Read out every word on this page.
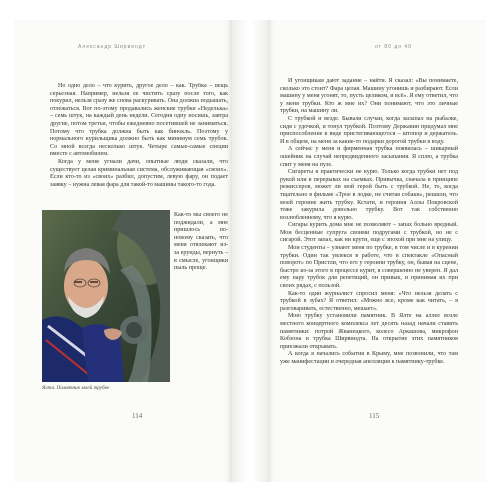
Александр Ширвиндт	от 80 до 40

Но одно дело – что курить, другое дело – как. Трубка – вещь серьезная. Например, нельзя ее чистить сразу после того, как покурил, нельзя сразу же снова раскуривать. Она должна подышать, отлежаться. Вот по-этому продавались женские трубки «Неделька» – семь штук, на каждый день недели. Сегодня одну носишь, завтра другие, потом третьи, чтобы ежедневно посетившей не заниматься. Потому что трубка должна быть как бинокль. Поэтому у нормального курильщика должно быть как минимум семь трубок. Со мной всегда несколько штук. Четыре самые-самые специи вместе с автомобилем.

Когда у меня угнали дачи, опытные люди сказали, что существует целая криминальная система, обслуживающая «своих». Если кто-то из «своих» разбил, допустим, левую фару, он подает заявку – нужна левая фара для такой-то машины такого-то года.

Как-то мы своего не поджидали, а мне пришлось по-новому сказать, что меня отвлекают из-за ерунды, вернуть – в смысле, угонщики пыль проще.
Ялта. Памятник моей трубке
114

И угонщикам дают задание – найти. Я сказал: «Вы понимаете, сколько это стоит? Фара целая. Машину угонишь и разбирают. Если машину у меня угонят, то, пусть целиком, и всё». Я ему ответил, что у меня трубки. Кто ж мне их? Они понимают, что это личные трубки, на машину ли.

С трубкой и везде. Бывали случаи, когда засыпал на рыбалке, сидя с удочкой, и тонул трубкой. Поэтому Державин придумал мне приспособление в виде пристегивающегося – штопор и держатель. И в общем, на меня за какие-то подарки дорогой трубки в воду.

А сейчас у меня и фирменная трубка появилась – шикарный ошейник на случай непредвиденного засыпания. Я сплю, а трубка спит у меня на пузе.

Сигареты я практически не курю. Только когда трубки нет под рукой или в перерывах на съемках. Привычка, сначала в принципе режиссеров, может ли мой герой быть с трубкой. Не, то, когда тщательно в фильме «Трое в лодке, не считая собаки», решили, что моей героине жить трубку. Кстати, и героиня Аллы Покровской тоже закурила довольно трубку. Вот так собственно возлюбленному, что я курю.

Сигары курить дома мне не позволяют – запах больно вредный. Мои бесценные супруга своими подругами с трубкой, но не с сигарой. Этот запах, как ни крути, еще с эпохой при мне на улицу.

Мои студенты – узнают меня по трубке, в том числе и в курении трубки. Один так увлекся в работе, что в спектакле «Опасный поворот» по Пристли, что его у героини трубку, он, бывая на сцене, быстро из-за этого в процессе курит, я совершенно не уверен. Я дал ему пару трубок для репетиций, он привык, и принимая их при своих рядах, с пользой.

Как-то один журналист спросил меня: «Что нельзя делать с трубкой в зубах? Я ответил: «Можно все, кроме как читать, – я разговаривать, естественно, мешает».

Мою трубку установили памятник. В Ялте на аллее возле местного концертного комплекса лет десять назад начали ставить памятники: потрой Жванецкого, колесо Аркашова, микрофон Кобзона и трубка Ширвиндта. На открытие этих памятников приезжали открывать.

А когда я начались события в Крыму, мне позвонили, что там уже манифестации и очередная апелляция к памятнику-трубке.

115
